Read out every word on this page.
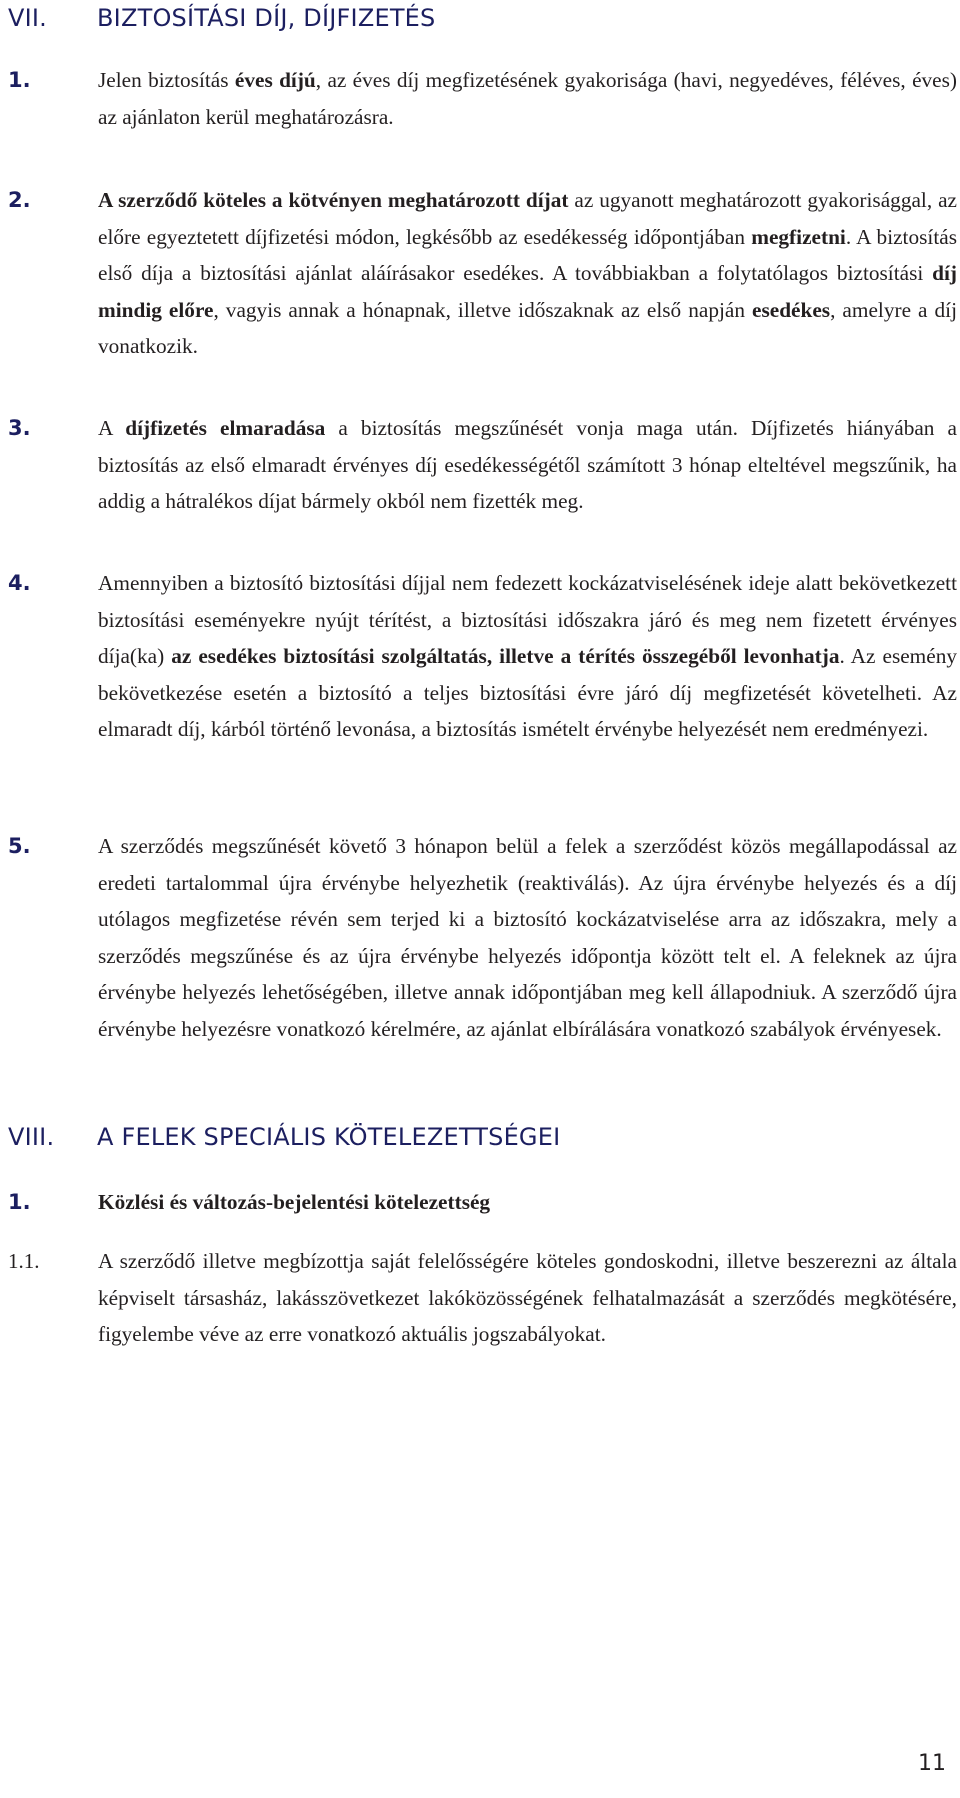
VII. BIZTOSÍTÁSI DÍJ, DÍJFIZETÉS
1.	Jelen biztosítás éves díjú, az éves díj megfizetésének gyakorisága (havi, negyedéves, féléves, éves) az ajánlaton kerül meghatározásra.
2.	A szerződő köteles a kötvényen meghatározott díjat az ugyanott meghatározott gyakorisággal, az előre egyeztetett díjfizetési módon, legkésőbb az esedékesség időpontjában megfizetni. A biztosítás első díja a biztosítási ajánlat aláírásakor esedékes. A továbbiakban a folytatólagos biztosítási díj mindig előre, vagyis annak a hónapnak, illetve időszaknak az első napján esedékes, amelyre a díj vonatkozik.
3.	A díjfizetés elmaradása a biztosítás megszűnését vonja maga után. Díjfizetés hiányában a biztosítás az első elmaradt érvényes díj esedékességétől számított 3 hónap elteltével megszűnik, ha addig a hátralékos díjat bármely okból nem fizették meg.
4.	Amennyiben a biztosító biztosítási díjjal nem fedezett kockázatviselésének ideje alatt bekövetkezett biztosítási eseményekre nyújt térítést, a biztosítási időszakra járó és meg nem fizetett érvényes díja(ka) az esedékes biztosítási szolgáltatás, illetve a térítés összegéből levonhatja. Az esemény bekövetkezése esetén a biztosító a teljes biztosítási évre járó díj megfizetését követelheti. Az elmaradt díj, kárból történő levonása, a biztosítás ismételt érvénybe helyezését nem eredményezi.
5.	A szerződés megszűnését követő 3 hónapon belül a felek a szerződést közös megállapodással az eredeti tartalommal újra érvénybe helyezhetik (reaktiválás). Az újra érvénybe helyezés és a díj utólagos megfizetése révén sem terjed ki a biztosító kockázatviselése arra az időszakra, mely a szerződés megszűnése és az újra érvénybe helyezés időpontja között telt el. A feleknek az újra érvénybe helyezés lehetőségében, illetve annak időpontjában meg kell állapodniuk. A szerződő újra érvénybe helyezésre vonatkozó kérelmére, az ajánlat elbírálására vonatkozó szabályok érvényesek.
VIII. A FELEK SPECIÁLIS KÖTELEZETTSÉGEI
1.	Közlési és változás-bejelentési kötelezettség
1.1.	A szerződő illetve megbízottja saját felelősségére köteles gondoskodni, illetve beszerezni az általa képviselt társasház, lakásszövetkezet lakóközösségének felhatalmazását a szerződés megkötésére, figyelembe véve az erre vonatkozó aktuális jogszabályokat.
11
